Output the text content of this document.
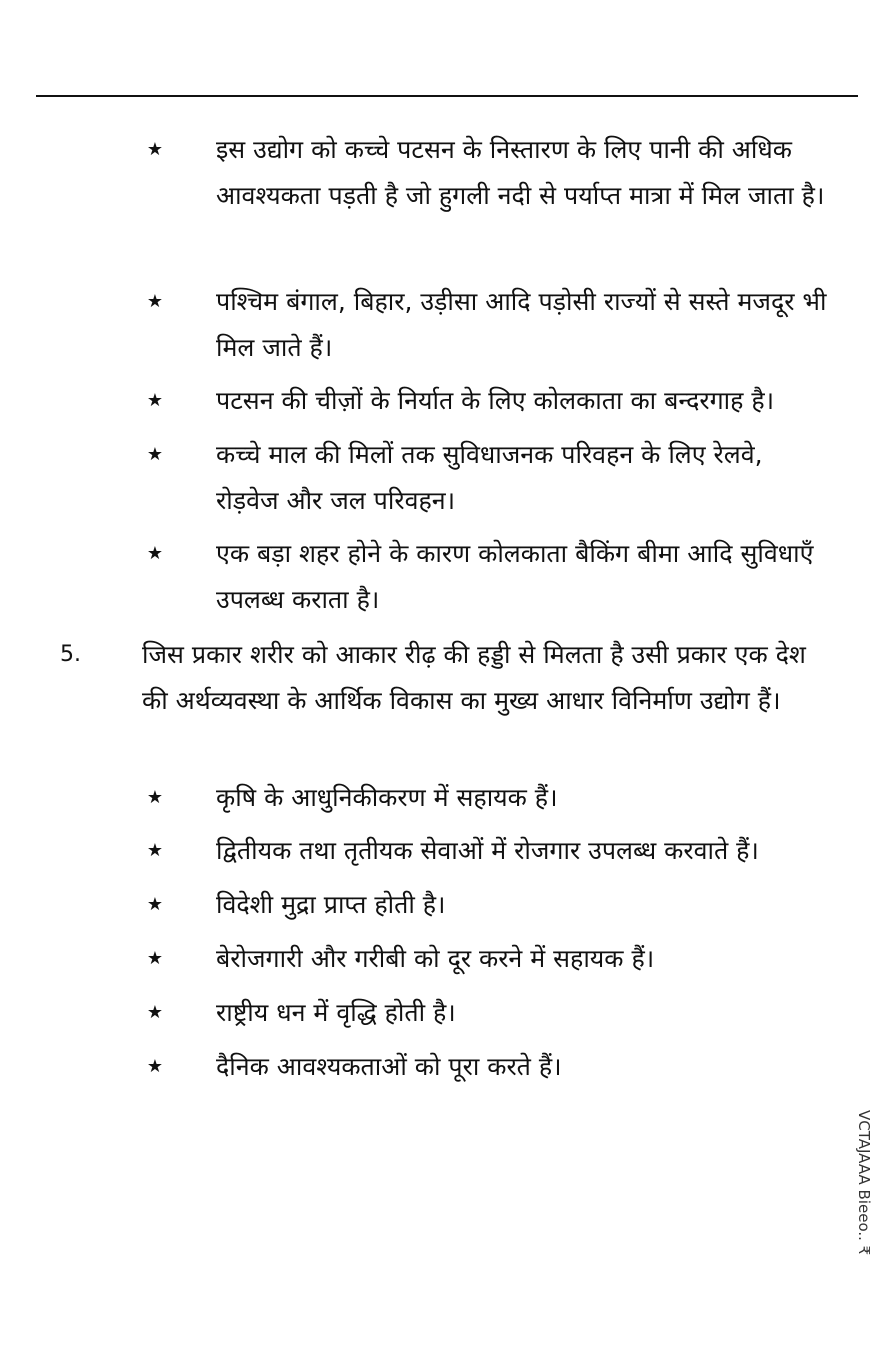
★ इस उद्योग को कच्चे पटसन के निस्तारण के लिए पानी की अधिक आवश्यकता पड़ती है जो हुगली नदी से पर्याप्त मात्रा में मिल जाता है।
★ पश्चिम बंगाल, बिहार, उड़ीसा आदि पड़ोसी राज्यों से सस्ते मजदूर भी मिल जाते हैं।
★ पटसन की चीज़ों के निर्यात के लिए कोलकाता का बन्दरगाह है।
★ कच्चे माल की मिलों तक सुविधाजनक परिवहन के लिए रेलवे, रोड़वेज और जल परिवहन।
★ एक बड़ा शहर होने के कारण कोलकाता बैकिंग बीमा आदि सुविधाएँ उपलब्ध कराता है।
5. जिस प्रकार शरीर को आकार रीढ़ की हड्डी से मिलता है उसी प्रकार एक देश की अर्थव्यवस्था के आर्थिक विकास का मुख्य आधार विनिर्माण उद्योग हैं।
★ कृषि के आधुनिकीकरण में सहायक हैं।
★ द्वितीयक तथा तृतीयक सेवाओं में रोजगार उपलब्ध करवाते हैं।
★ विदेशी मुद्रा प्राप्त होती है।
★ बेरोजगारी और गरीबी को दूर करने में सहायक हैं।
★ राष्ट्रीय धन में वृद्धि होती है।
★ दैनिक आवश्यकताओं को पूरा करते हैं।
VCTAJAAA Bieeo.. ₹
